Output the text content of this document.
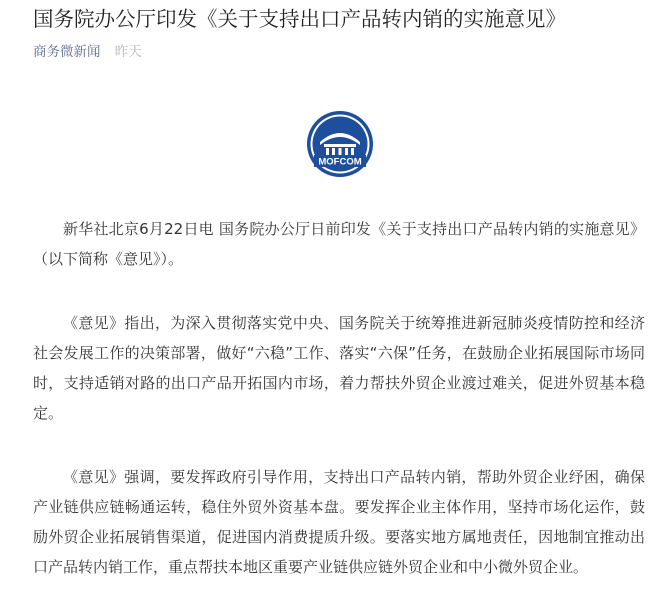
国务院办公厅印发《关于支持出口产品转内销的实施意见》
商务微新闻 昨天
MOFCOM

新华社北京6月22日电 国务院办公厅日前印发《关于支持出口产品转内销的实施意见》（以下简称《意见》）。

《意见》指出，为深入贯彻落实党中央、国务院关于统筹推进新冠肺炎疫情防控和经济社会发展工作的决策部署，做好“六稳”工作、落实“六保”任务，在鼓励企业拓展国际市场同时，支持适销对路的出口产品开拓国内市场，着力帮扶外贸企业渡过难关，促进外贸基本稳定。

《意见》强调，要发挥政府引导作用，支持出口产品转内销，帮助外贸企业纾困，确保产业链供应链畅通运转，稳住外贸外资基本盘。要发挥企业主体作用，坚持市场化运作，鼓励外贸企业拓展销售渠道，促进国内消费提质升级。要落实地方属地责任，因地制宜推动出口产品转内销工作，重点帮扶本地区重要产业链供应链外贸企业和中小微外贸企业。
